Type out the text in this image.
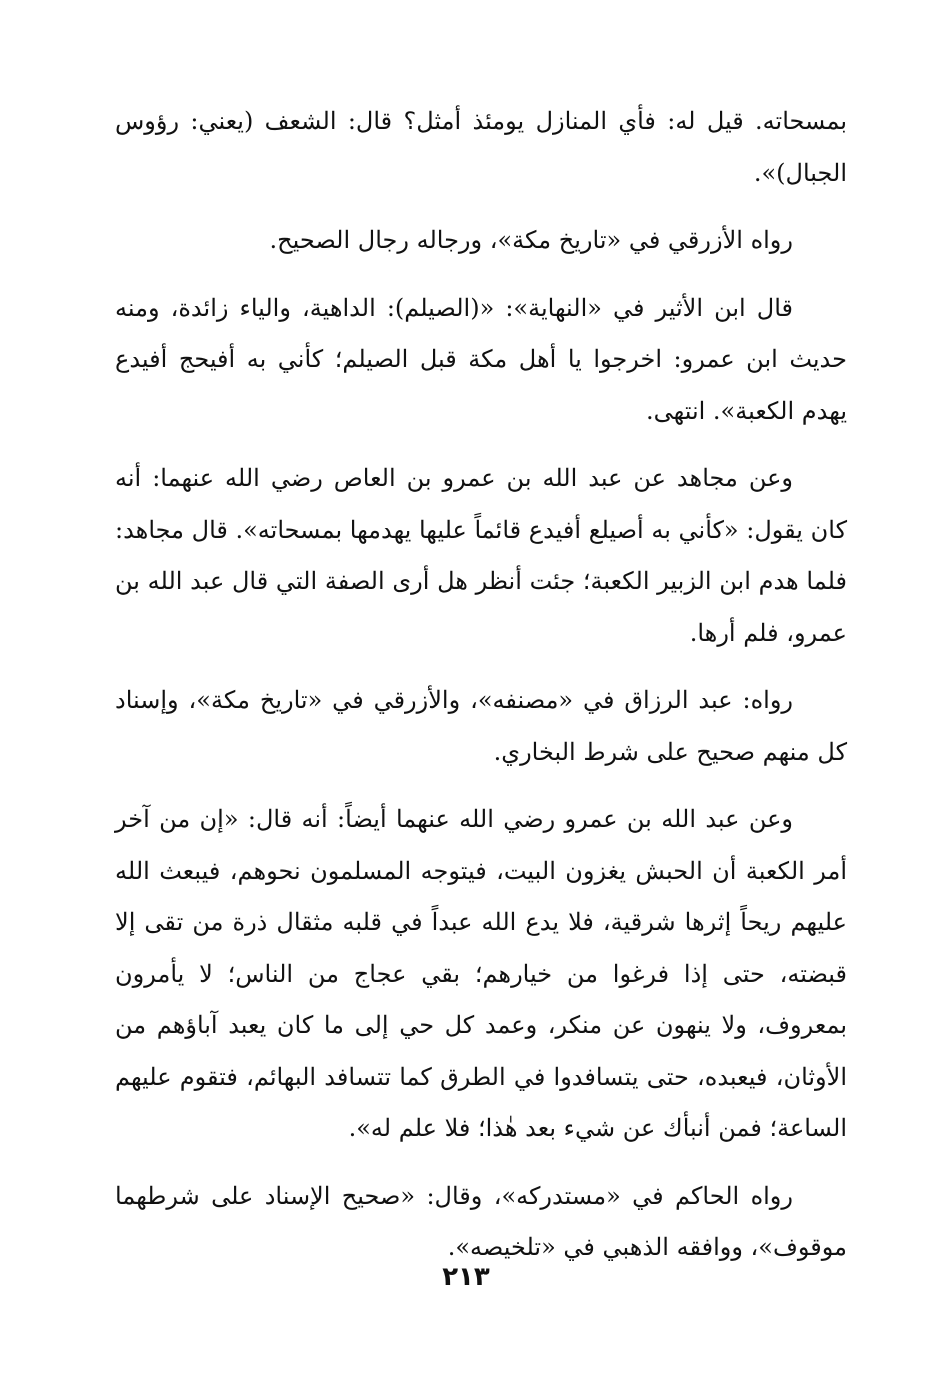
بمسحاته. قيل له: فأي المنازل يومئذ أمثل؟ قال: الشعف (يعني: رؤوس الجبال)».

رواه الأزرقي في «تاريخ مكة»، ورجاله رجال الصحيح.

قال ابن الأثير في «النهاية»: «(الصيلم): الداهية، والياء زائدة، ومنه حديث ابن عمرو: اخرجوا يا أهل مكة قبل الصيلم؛ كأني به أفيحج أفيدع يهدم الكعبة». انتهى.

وعن مجاهد عن عبد الله بن عمرو بن العاص رضي الله عنهما: أنه كان يقول: «كأني به أصيلع أفيدع قائماً عليها يهدمها بمسحاته». قال مجاهد: فلما هدم ابن الزبير الكعبة؛ جئت أنظر هل أرى الصفة التي قال عبد الله بن عمرو، فلم أرها.

رواه: عبد الرزاق في «مصنفه»، والأزرقي في «تاريخ مكة»، وإسناد كل منهم صحيح على شرط البخاري.

وعن عبد الله بن عمرو رضي الله عنهما أيضاً: أنه قال: «إن من آخر أمر الكعبة أن الحبش يغزون البيت، فيتوجه المسلمون نحوهم، فيبعث الله عليهم ريحاً إثرها شرقية، فلا يدع الله عبداً في قلبه مثقال ذرة من تقى إلا قبضته، حتى إذا فرغوا من خيارهم؛ بقي عجاج من الناس؛ لا يأمرون بمعروف، ولا ينهون عن منكر، وعمد كل حي إلى ما كان يعبد آباؤهم من الأوثان، فيعبده، حتى يتسافدوا في الطرق كما تتسافد البهائم، فتقوم عليهم الساعة؛ فمن أنبأك عن شيء بعد هٰذا؛ فلا علم له».

رواه الحاكم في «مستدركه»، وقال: «صحيح الإسناد على شرطهما موقوف»، ووافقه الذهبي في «تلخيصه».

٢١٣
